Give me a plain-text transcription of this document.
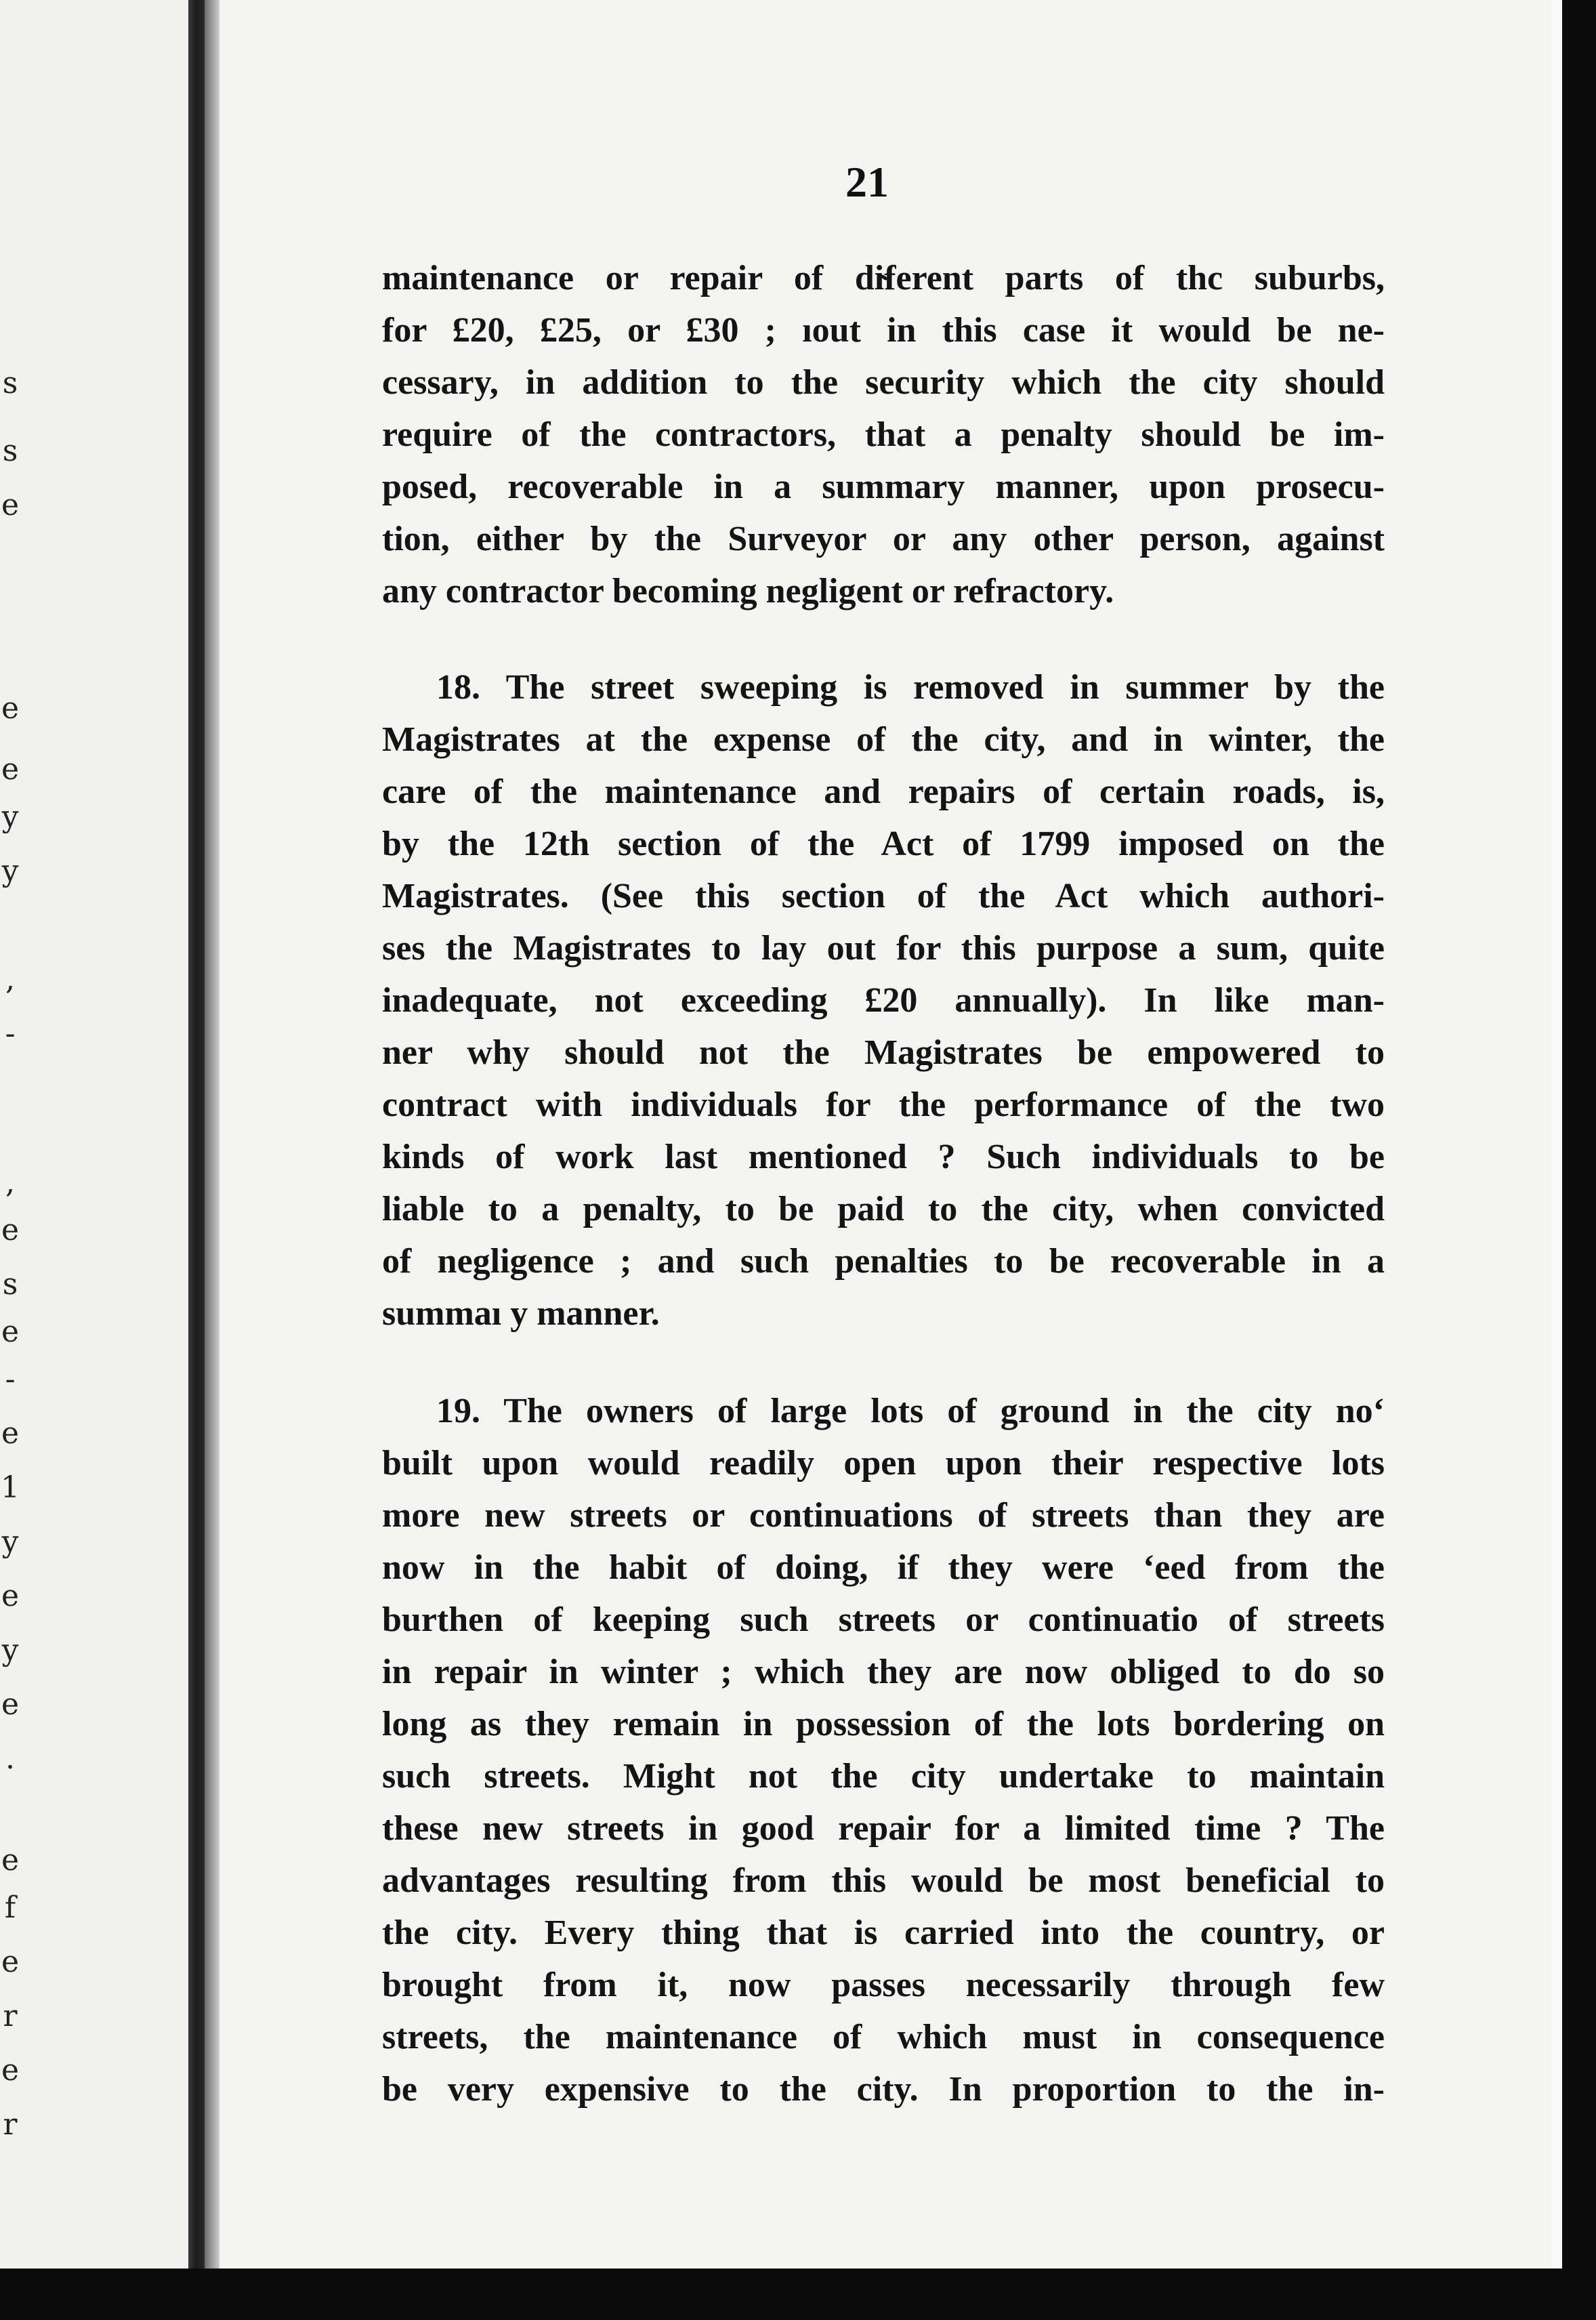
s
s
e
e
e
y
y
,
-
,
e
s
e
-
e
1
y
e
y
e
.
e
f
e
r
e
r
21
maintenance or repair of di̴ferent parts of thc suburbs,
for £20, £25, or £30 ; ıout in this case it would be ne-
cessary, in addition to the security which the city should
require of the contractors, that a penalty should be im-
posed, recoverable in a summary manner, upon prosecu-
tion, either by the Surveyor or any other person, against
any contractor becoming negligent or refractory.
18. The street sweeping is removed in summer by the
Magistrates at the expense of the city, and in winter, the
care of the maintenance and repairs of certain roads, is,
by the 12th section of the Act of 1799 imposed on the
Magistrates. (See this section of the Act which authori-
ses the Magistrates to lay out for this purpose a sum, quite
inadequate, not exceeding £20 annually). In like man-
ner why should not the Magistrates be empowered to
contract with individuals for the performance of the two
kinds of work last mentioned ? Such individuals to be
liable to a penalty, to be paid to the city, when convicted
of negligence ; and such penalties to be recoverable in a
summaı y manner.
19. The owners of large lots of ground in the city noʻ
built upon would readily open upon their respective lots
more new streets or continuations of streets than they are
now in the habit of doing, if they were ʻeed from the
burthen of keeping such streets or continuatio of streets
in repair in winter ; which they are now obliged to do so
long as they remain in possession of the lots bordering on
such streets. Might not the city undertake to maintain
these new streets in good repair for a limited time ? The
advantages resulting from this would be most beneficial to
the city. Every thing that is carried into the country, or
brought from it, now passes necessarily through few
streets, the maintenance of which must in consequence
be very expensive to the city. In proportion to the in-
